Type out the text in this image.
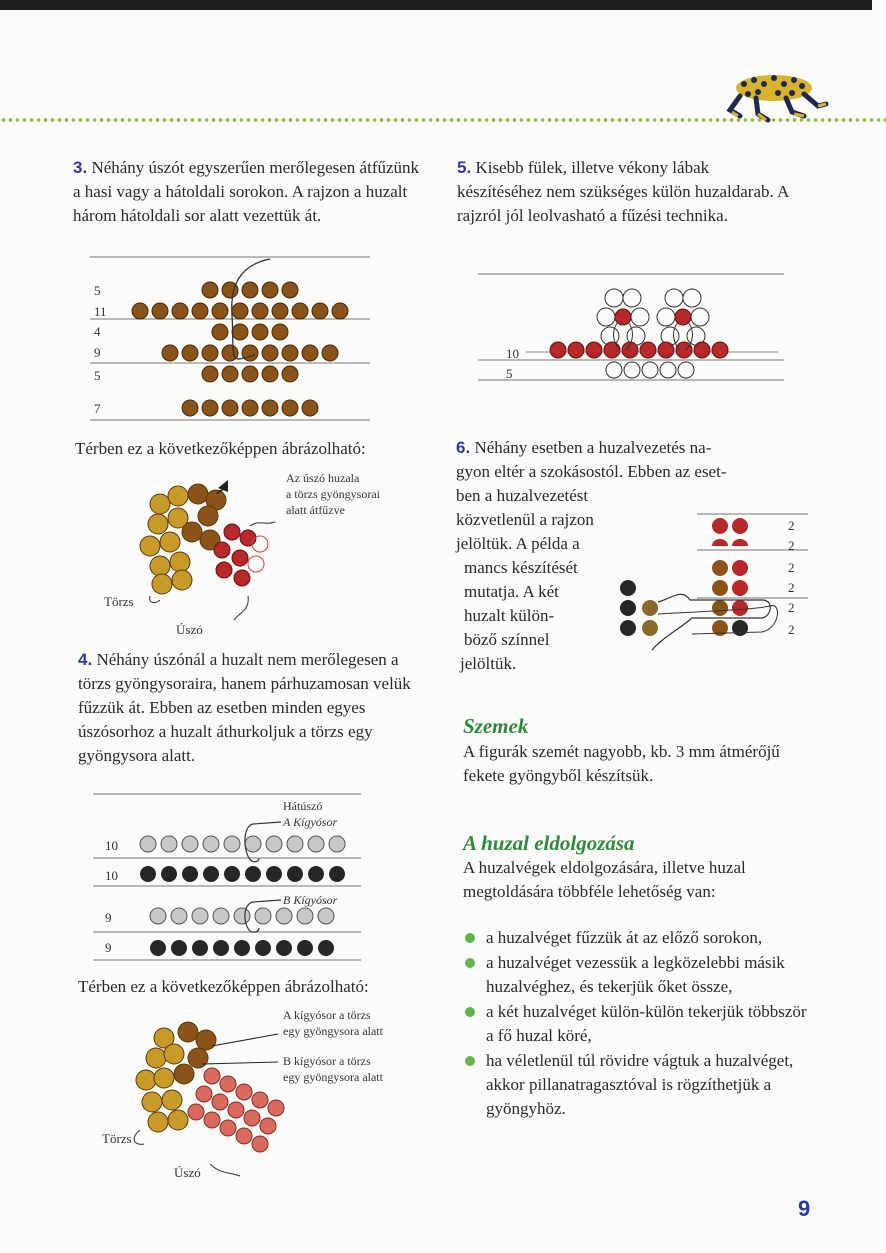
3. Néhány úszót egyszerűen merőlegesen átfűzünk a hasi vagy a hátoldali sorokon. A rajzon a huzalt három hátoldali sor alatt vezettük át.

5
11
4
9
5
7
Térben ez a következőképpen ábrázolható:
Az úszó huzala
a törzs gyöngysorai
alatt átfűzve
Törzs
Úszó

4. Néhány úszónál a huzalt nem merőlegesen a törzs gyöngysoraira, hanem párhuzamosan velük fűzzük át. Ebben az esetben minden egyes úszósorhoz a huzalt áthurkoljuk a törzs egy gyöngysora alatt.

Hátúszó
A Kígyósor
B Kígyósor
10
10
9
9
Térben ez a következőképpen ábrázolható:
A kígyósor a törzs
egy gyöngysora alatt
B kígyósor a törzs
egy gyöngysora alatt
Törzs
Úszó

5. Kisebb fülek, illetve vékony lábak készítéséhez nem szükséges külön huzaldarab. A rajzról jól leolvasható a fűzési technika.

10
5
6. Néhány esetben a huzalvezetés na-
gyon eltér a szokásostól. Ebben az eset-
ben a huzalvezetést
közvetlenül a rajzon
jelöltük. A példa a
mancs készítését
mutatja. A két
huzalt külön-
böző színnel
jelöltük.
2
2
2
2
2
2
Szemek

A figurák szemét nagyobb, kb. 3 mm átmérőjű fekete gyöngyből készítsük.

A huzal eldolgozása

A huzalvégek eldolgozására, illetve huzal megtoldására többféle lehetőség van:

a huzalvéget fűzzük át az előző sorokon,
a huzalvéget vezessük a legközelebbi másik huzalvéghez, és tekerjük őket össze,
a két huzalvéget külön-külön tekerjük többször a fő huzal köré,
ha véletlenül túl rövidre vágtuk a huzalvéget, akkor pillanatragasztóval is rögzíthetjük a gyöngyhöz.
9
